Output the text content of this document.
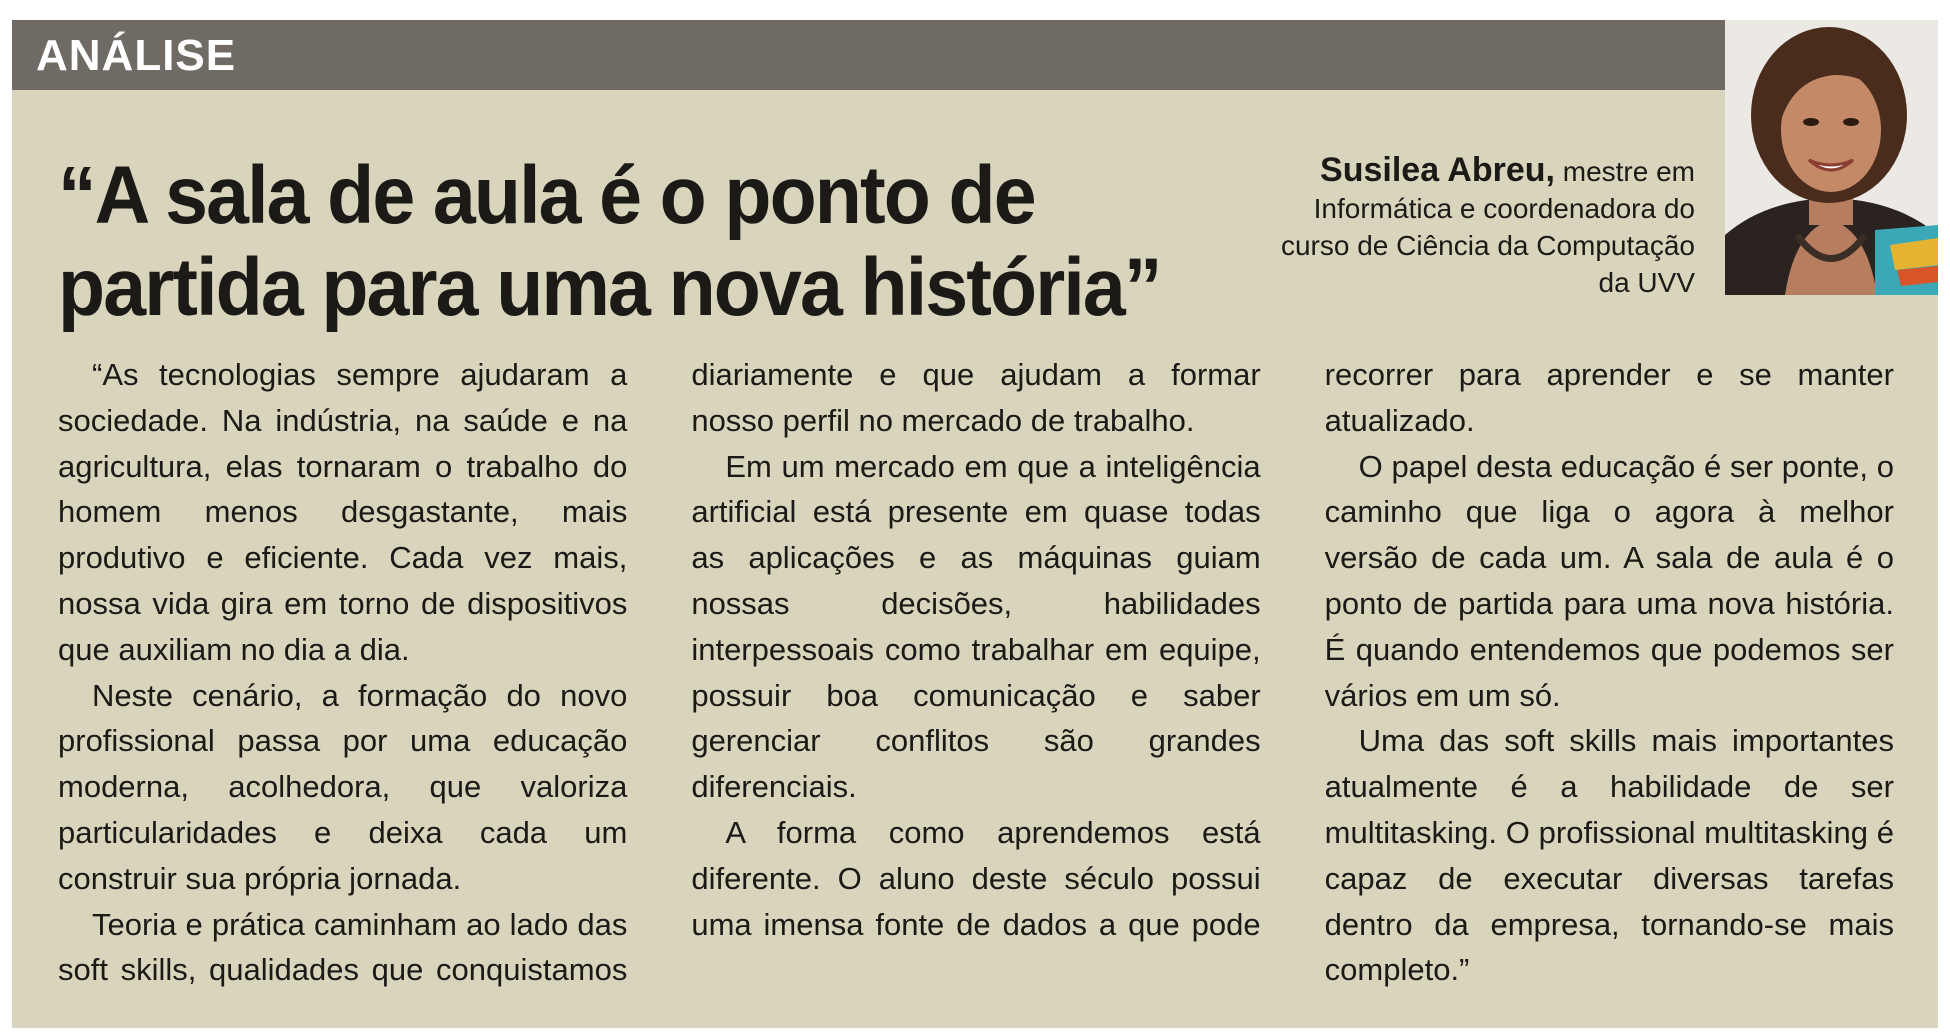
ANÁLISE
“A sala de aula é o ponto de partida para uma nova história”
Susilea Abreu, mestre em Informática e coordenadora do curso de Ciência da Computação da UVV

“As tecnologias sempre ajudaram a sociedade. Na indústria, na saúde e na agricultura, elas tornaram o trabalho do homem menos desgastante, mais produtivo e eficiente. Cada vez mais, nossa vida gira em torno de dispositivos que auxiliam no dia a dia.

Neste cenário, a formação do novo profissional passa por uma educação moderna, acolhedora, que valoriza particularidades e deixa cada um construir sua própria jornada.

Teoria e prática caminham ao lado das soft skills, qualidades que conquistamos diariamente e que ajudam a formar nosso perfil no mercado de trabalho.

Em um mercado em que a inteligência artificial está presente em quase todas as aplicações e as máquinas guiam nossas decisões, habilidades interpessoais como trabalhar em equipe, possuir boa comunicação e saber gerenciar conflitos são grandes diferenciais.

A forma como aprendemos está diferente. O aluno deste século possui uma imensa fonte de dados a que pode recorrer para aprender e se manter atualizado.

O papel desta educação é ser ponte, o caminho que liga o agora à melhor versão de cada um. A sala de aula é o ponto de partida para uma nova história. É quando entendemos que podemos ser vários em um só.

Uma das soft skills mais importantes atualmente é a habilidade de ser multitasking. O profissional multitasking é capaz de executar diversas tarefas dentro da empresa, tornando-se mais completo.”
